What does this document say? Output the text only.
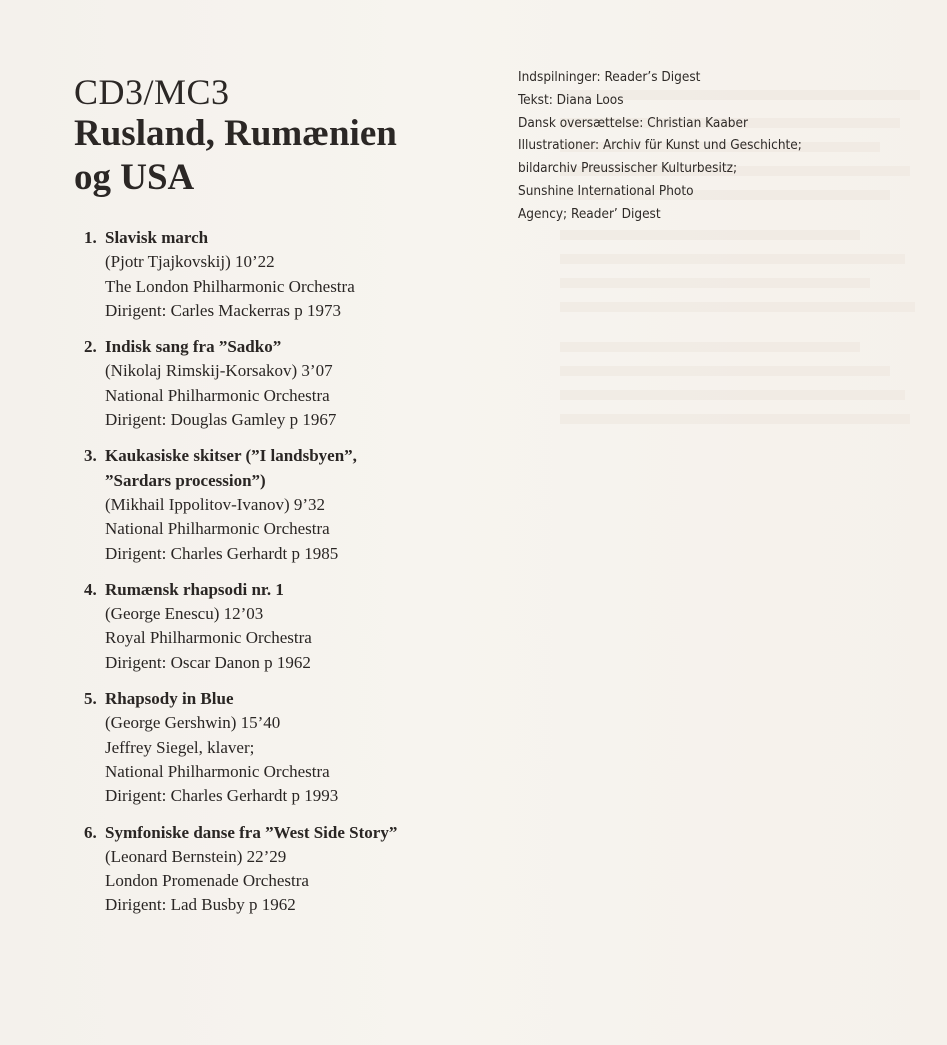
CD3/MC3
Rusland, Rumænien
og USA
1. Slavisk march
(Pjotr Tjajkovskij) 10’22
The London Philharmonic Orchestra
Dirigent: Carles Mackerras p 1973
2. Indisk sang fra ”Sadko”
(Nikolaj Rimskij-Korsakov) 3’07
National Philharmonic Orchestra
Dirigent: Douglas Gamley p 1967
3. Kaukasiske skitser (”I landsbyen”,
”Sardars procession”)
(Mikhail Ippolitov-Ivanov) 9’32
National Philharmonic Orchestra
Dirigent: Charles Gerhardt p 1985
4. Rumænsk rhapsodi nr. 1
(George Enescu) 12’03
Royal Philharmonic Orchestra
Dirigent: Oscar Danon p 1962
5. Rhapsody in Blue
(George Gershwin) 15’40
Jeffrey Siegel, klaver;
National Philharmonic Orchestra
Dirigent: Charles Gerhardt p 1993
6. Symfoniske danse fra ”West Side Story”
(Leonard Bernstein) 22’29
London Promenade Orchestra
Dirigent: Lad Busby p 1962
Indspilninger: Reader’s Digest
Tekst: Diana Loos
Dansk oversættelse: Christian Kaaber
Illustrationer: Archiv für Kunst und Geschichte;
bildarchiv Preussischer Kulturbesitz;
Sunshine International Photo
Agency; Reader’ Digest
